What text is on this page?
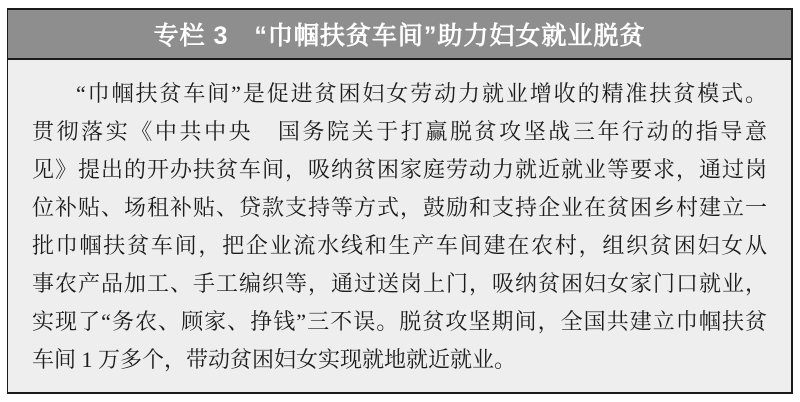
专栏 3　“巾帼扶贫车间”助力妇女就业脱贫

“巾帼扶贫车间”是促进贫困妇女劳动力就业增收的精准扶贫模式。

贯彻落实《中共中央　国务院关于打赢脱贫攻坚战三年行动的指导意

见》提出的开办扶贫车间，吸纳贫困家庭劳动力就近就业等要求，通过岗

位补贴、场租补贴、贷款支持等方式，鼓励和支持企业在贫困乡村建立一

批巾帼扶贫车间，把企业流水线和生产车间建在农村，组织贫困妇女从

事农产品加工、手工编织等，通过送岗上门，吸纳贫困妇女家门口就业，

实现了“务农、顾家、挣钱”三不误。脱贫攻坚期间，全国共建立巾帼扶贫

车间 1 万多个，带动贫困妇女实现就地就近就业。
